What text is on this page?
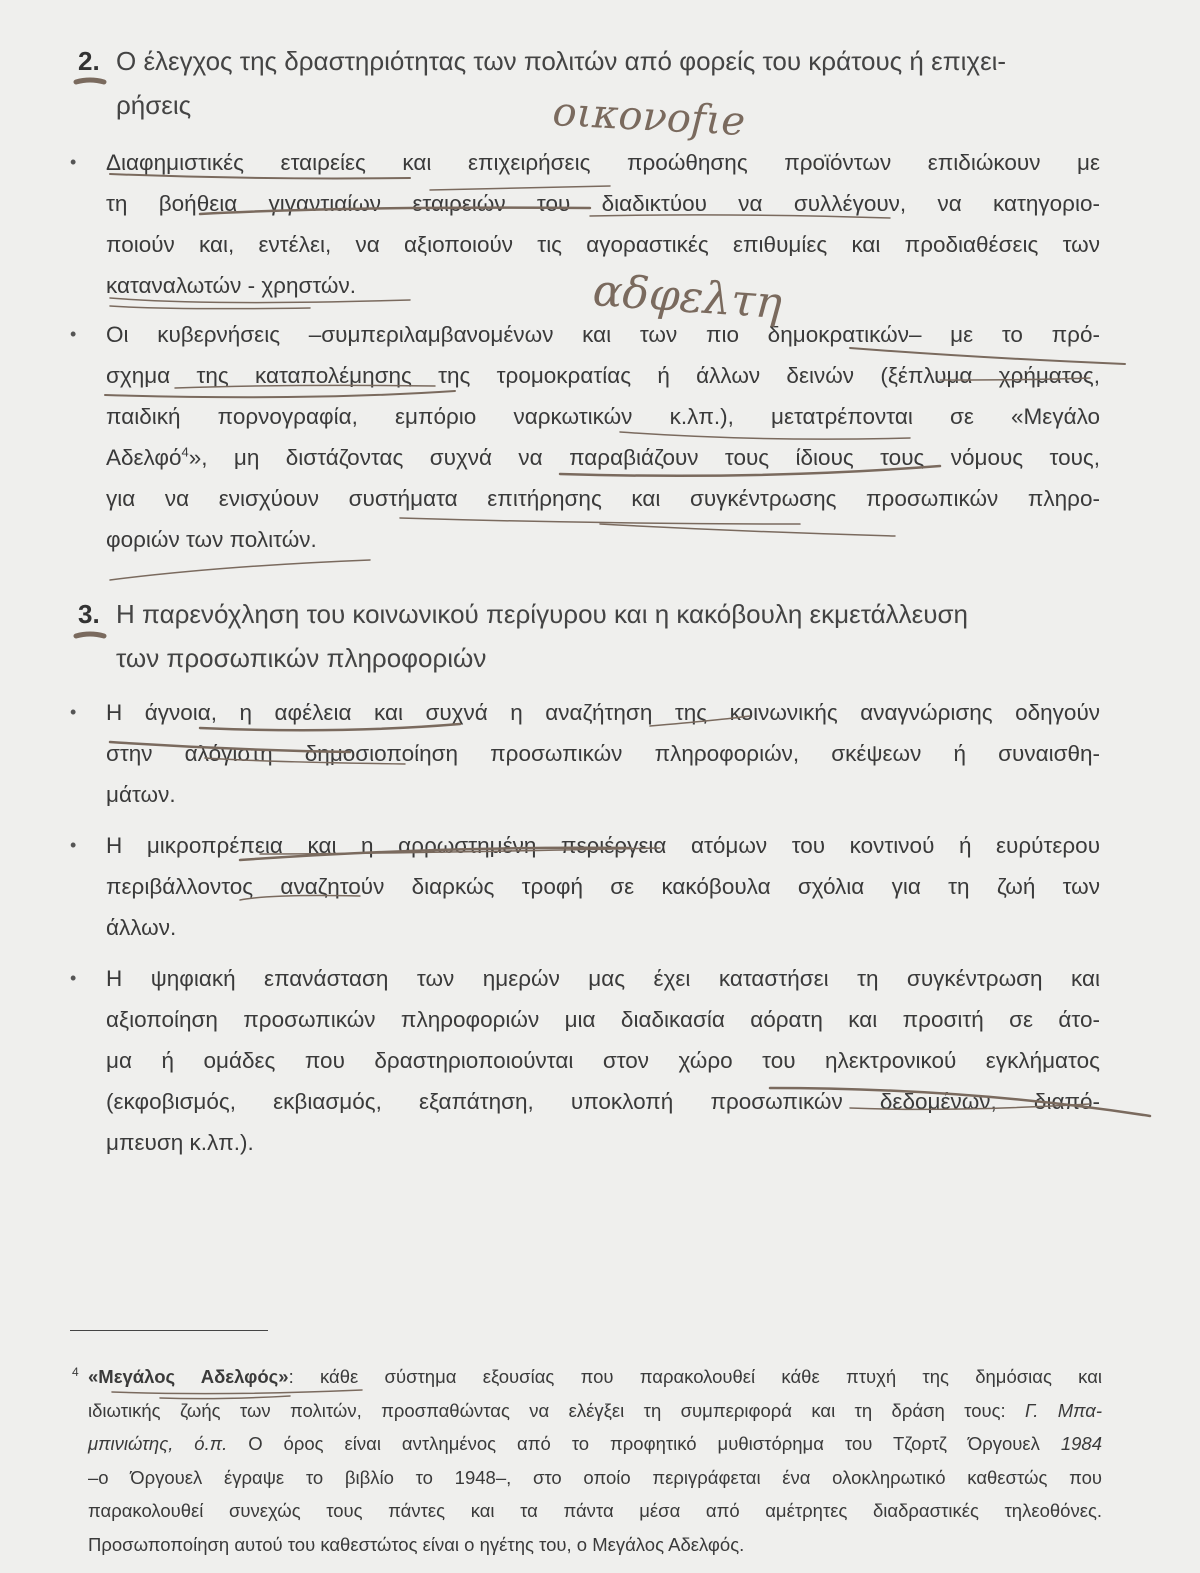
2. Ο έλεγχος της δραστηριότητας των πολιτών από φορείς του κράτους ή επιχει-
ρήσεις
• Διαφημιστικές εταιρείες και επιχειρήσεις προώθησης προϊόντων επιδιώκουν με
τη βοήθεια γιγαντιαίων εταιρειών του διαδικτύου να συλλέγουν, να κατηγοριο-
ποιούν και, εντέλει, να αξιοποιούν τις αγοραστικές επιθυμίες και προδιαθέσεις των
καταναλωτών - χρηστών.
• Οι κυβερνήσεις –συμπεριλαμβανομένων και των πιο δημοκρατικών– με το πρό-
σχημα της καταπολέμησης της τρομοκρατίας ή άλλων δεινών (ξέπλυμα χρήματος,
παιδική πορνογραφία, εμπόριο ναρκωτικών κ.λπ.), μετατρέπονται σε «Μεγάλο
Αδελφό$^4$», μη διστάζοντας συχνά να παραβιάζουν τους ίδιους τους νόμους τους,
για να ενισχύουν συστήματα επιτήρησης και συγκέντρωσης προσωπικών πληρο-
φοριών των πολιτών.
3. Η παρενόχληση του κοινωνικού περίγυρου και η κακόβουλη εκμετάλλευση
των προσωπικών πληροφοριών
• Η άγνοια, η αφέλεια και συχνά η αναζήτηση της κοινωνικής αναγνώρισης οδηγούν
στην αλόγιστη δημοσιοποίηση προσωπικών πληροφοριών, σκέψεων ή συναισθη-
μάτων.
• Η μικροπρέπεια και η αρρωστημένη περιέργεια ατόμων του κοντινού ή ευρύτερου
περιβάλλοντος αναζητούν διαρκώς τροφή σε κακόβουλα σχόλια για τη ζωή των
άλλων.
• Η ψηφιακή επανάσταση των ημερών μας έχει καταστήσει τη συγκέντρωση και
αξιοποίηση προσωπικών πληροφοριών μια διαδικασία αόρατη και προσιτή σε άτο-
μα ή ομάδες που δραστηριοποιούνται στον χώρο του ηλεκτρονικού εγκλήματος
(εκφοβισμός, εκβιασμός, εξαπάτηση, υποκλοπή προσωπικών δεδομένων, διαπό-
μπευση κ.λπ.).
4 «Μεγάλος Αδελφός»: κάθε σύστημα εξουσίας που παρακολουθεί κάθε πτυχή της δημόσιας και
ιδιωτικής ζωής των πολιτών, προσπαθώντας να ελέγξει τη συμπεριφορά και τη δράση τους: Γ. Μπα-
μπινιώτης, ό.π. Ο όρος είναι αντλημένος από το προφητικό μυθιστόρημα του Τζορτζ Όργουελ 1984
–ο Όργουελ έγραψε το βιβλίο το 1948–, στο οποίο περιγράφεται ένα ολοκληρωτικό καθεστώς που
παρακολουθεί συνεχώς τους πάντες και τα πάντα μέσα από αμέτρητες διαδραστικές τηλεοθόνες.
Προσωποποίηση αυτού του καθεστώτος είναι ο ηγέτης του, ο Μεγάλος Αδελφός.
οικονοfιe
αδφελτη
